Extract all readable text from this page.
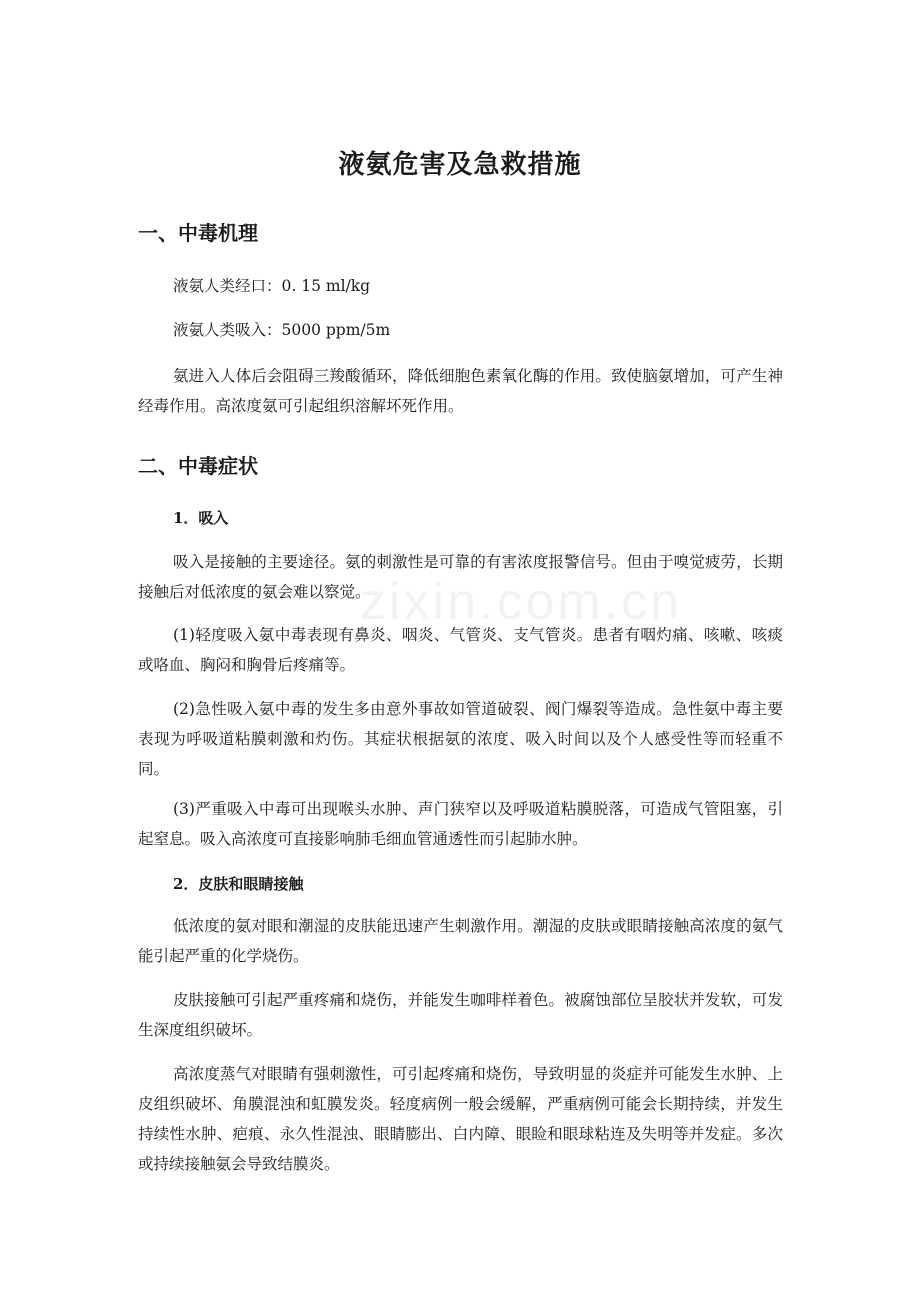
zixin.com.cn
液氨危害及急救措施
一、中毒机理

液氨人类经口：0. 15 ml/kg

液氨人类吸入：5000 ppm/5m

氨进入人体后会阻碍三羧酸循环，降低细胞色素氧化酶的作用。致使脑氨增加，可产生神经毒作用。高浓度氨可引起组织溶解坏死作用。

二、中毒症状
1．吸入

吸入是接触的主要途径。氨的刺激性是可靠的有害浓度报警信号。但由于嗅觉疲劳，长期接触后对低浓度的氨会难以察觉。

(1)轻度吸入氨中毒表现有鼻炎、咽炎、气管炎、支气管炎。患者有咽灼痛、咳嗽、咳痰或咯血、胸闷和胸骨后疼痛等。

(2)急性吸入氨中毒的发生多由意外事故如管道破裂、阀门爆裂等造成。急性氨中毒主要表现为呼吸道粘膜刺激和灼伤。其症状根据氨的浓度、吸入时间以及个人感受性等而轻重不同。

(3)严重吸入中毒可出现喉头水肿、声门狭窄以及呼吸道粘膜脱落，可造成气管阻塞，引起窒息。吸入高浓度可直接影响肺毛细血管通透性而引起肺水肿。

2．皮肤和眼睛接触

低浓度的氨对眼和潮湿的皮肤能迅速产生刺激作用。潮湿的皮肤或眼睛接触高浓度的氨气能引起严重的化学烧伤。

皮肤接触可引起严重疼痛和烧伤，并能发生咖啡样着色。被腐蚀部位呈胶状并发软，可发生深度组织破坏。

高浓度蒸气对眼睛有强刺激性，可引起疼痛和烧伤，导致明显的炎症并可能发生水肿、上皮组织破坏、角膜混浊和虹膜发炎。轻度病例一般会缓解，严重病例可能会长期持续，并发生持续性水肿、疤痕、永久性混浊、眼睛膨出、白内障、眼睑和眼球粘连及失明等并发症。多次或持续接触氨会导致结膜炎。
